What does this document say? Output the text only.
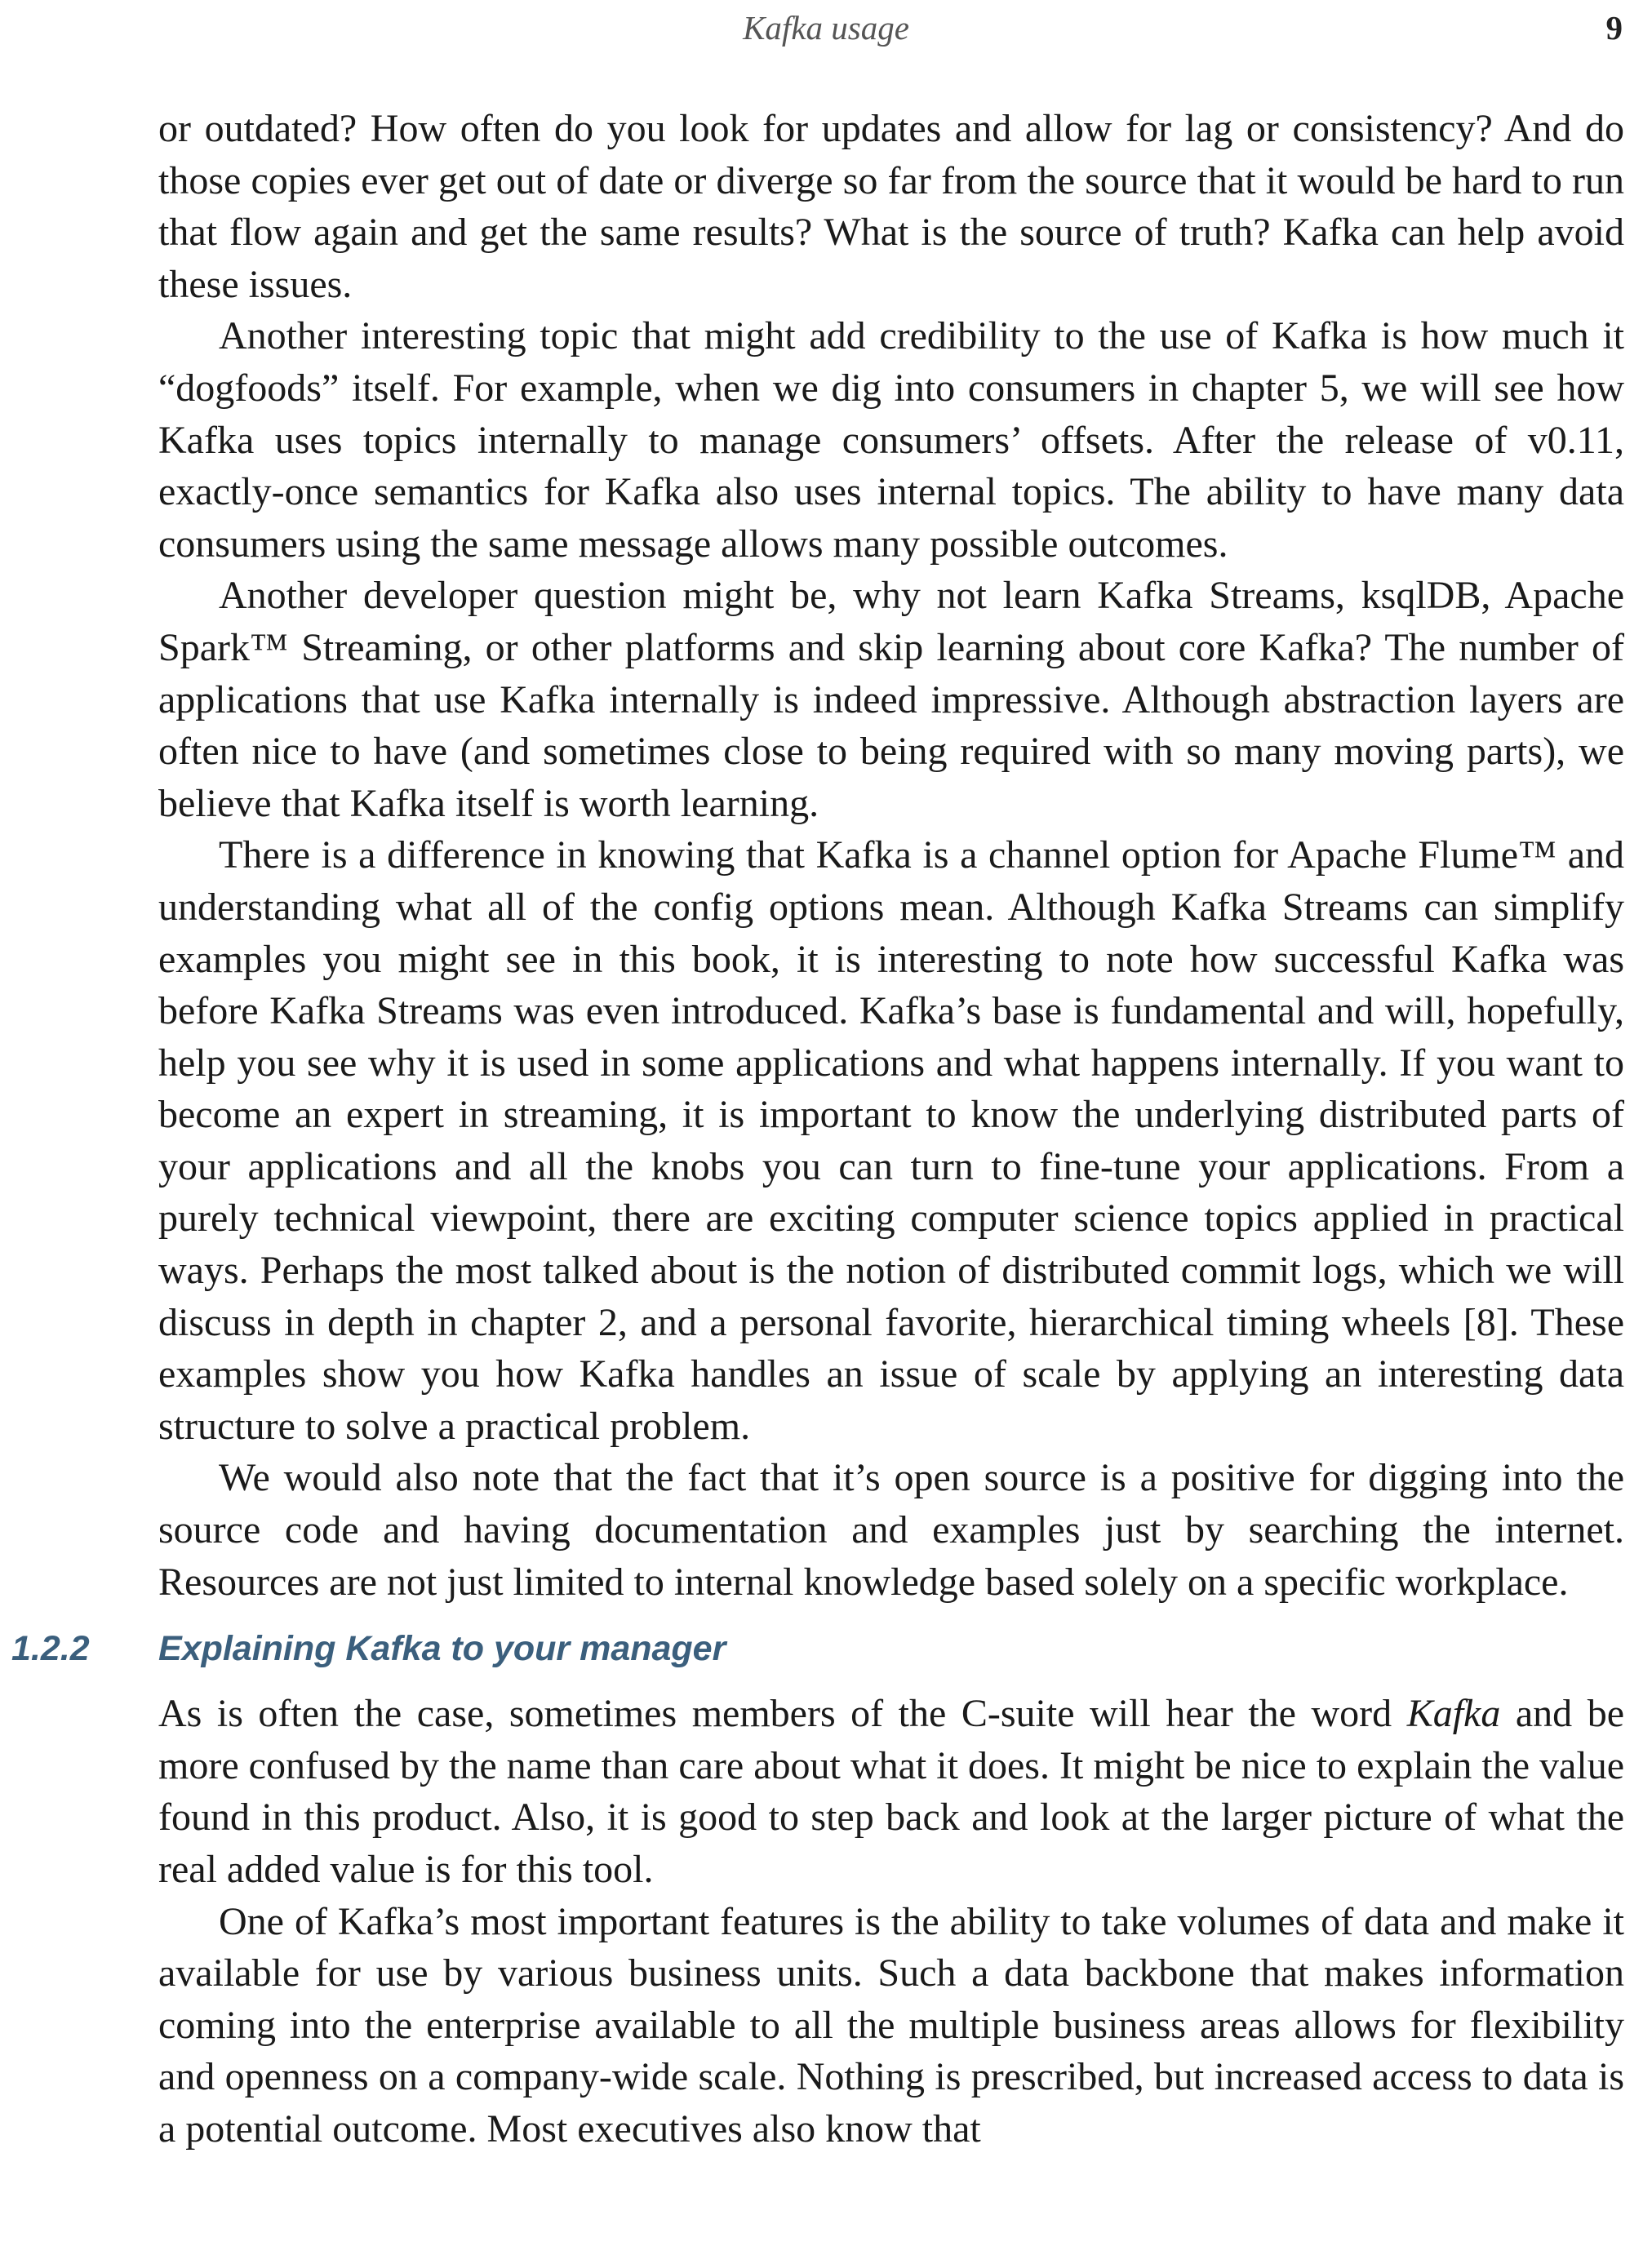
Kafka usage	9

or outdated? How often do you look for updates and allow for lag or consistency? And do those copies ever get out of date or diverge so far from the source that it would be hard to run that flow again and get the same results? What is the source of truth? Kafka can help avoid these issues.

Another interesting topic that might add credibility to the use of Kafka is how much it “dogfoods” itself. For example, when we dig into consumers in chapter 5, we will see how Kafka uses topics internally to manage consumers’ offsets. After the release of v0.11, exactly-once semantics for Kafka also uses internal topics. The ability to have many data consumers using the same message allows many possible outcomes.

Another developer question might be, why not learn Kafka Streams, ksqlDB, Apache Spark™ Streaming, or other platforms and skip learning about core Kafka? The number of applications that use Kafka internally is indeed impressive. Although abstraction layers are often nice to have (and sometimes close to being required with so many moving parts), we believe that Kafka itself is worth learning.

There is a difference in knowing that Kafka is a channel option for Apache Flume™ and understanding what all of the config options mean. Although Kafka Streams can simplify examples you might see in this book, it is interesting to note how successful Kafka was before Kafka Streams was even introduced. Kafka’s base is fundamental and will, hopefully, help you see why it is used in some applications and what happens internally. If you want to become an expert in streaming, it is important to know the underlying distributed parts of your applications and all the knobs you can turn to fine-tune your applications. From a purely technical viewpoint, there are exciting computer science topics applied in practical ways. Perhaps the most talked about is the notion of distributed commit logs, which we will discuss in depth in chapter 2, and a personal favorite, hierarchical timing wheels [8]. These examples show you how Kafka handles an issue of scale by applying an interesting data structure to solve a practical problem.

We would also note that the fact that it’s open source is a positive for digging into the source code and having documentation and examples just by searching the internet. Resources are not just limited to internal knowledge based solely on a specific workplace.

1.2.2 Explaining Kafka to your manager

As is often the case, sometimes members of the C-suite will hear the word Kafka and be more confused by the name than care about what it does. It might be nice to explain the value found in this product. Also, it is good to step back and look at the larger picture of what the real added value is for this tool.

One of Kafka’s most important features is the ability to take volumes of data and make it available for use by various business units. Such a data backbone that makes information coming into the enterprise available to all the multiple business areas allows for flexibility and openness on a company-wide scale. Nothing is prescribed, but increased access to data is a potential outcome. Most executives also know that
